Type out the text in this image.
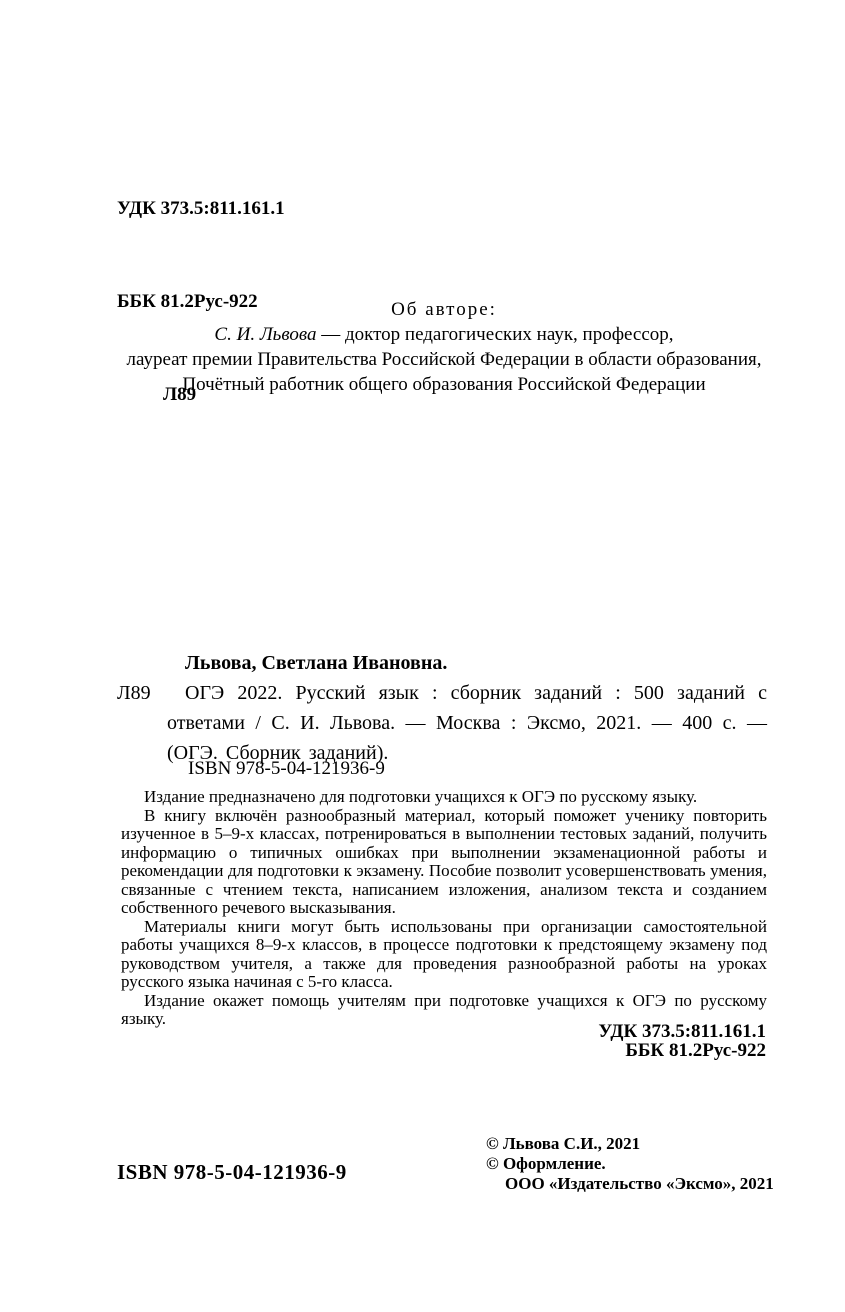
УДК 373.5:811.161.1

ББК 81.2Рус-922

Л89

Об авторе:
С. И. Львова — доктор педагогических наук, профессор,
лауреат премии Правительства Российской Федерации в области образования,
Почётный работник общего образования Российской Федерации

Львова, Светлана Ивановна.

Л89 ОГЭ 2022. Русский язык : сборник заданий : 500 заданий с ответами / С. И. Львова. — Москва : Эксмо, 2021. — 400 с. — (ОГЭ. Сборник заданий).

ISBN 978-5-04-121936-9

Издание предназначено для подготовки учащихся к ОГЭ по русскому языку.

В книгу включён разнообразный материал, который поможет ученику повторить изученное в 5–9-х классах, потренироваться в выполнении тестовых заданий, получить информацию о типичных ошибках при выполнении экзаменационной работы и рекомендации для подготовки к экзамену. Пособие позволит усовершенствовать умения, связанные с чтением текста, написанием изложения, анализом текста и созданием собственного речевого высказывания.

Материалы книги могут быть использованы при организации самостоятельной работы учащихся 8–9-х классов, в процессе подготовки к предстоящему экзамену под руководством учителя, а также для проведения разнообразной работы на уроках русского языка начиная с 5-го класса.

Издание окажет помощь учителям при подготовке учащихся к ОГЭ по русскому языку.

УДК 373.5:811.161.1
ББК 81.2Рус-922
ISBN 978-5-04-121936-9
© Львова С.И., 2021
© Оформление.
ООО «Издательство «Эксмо», 2021
